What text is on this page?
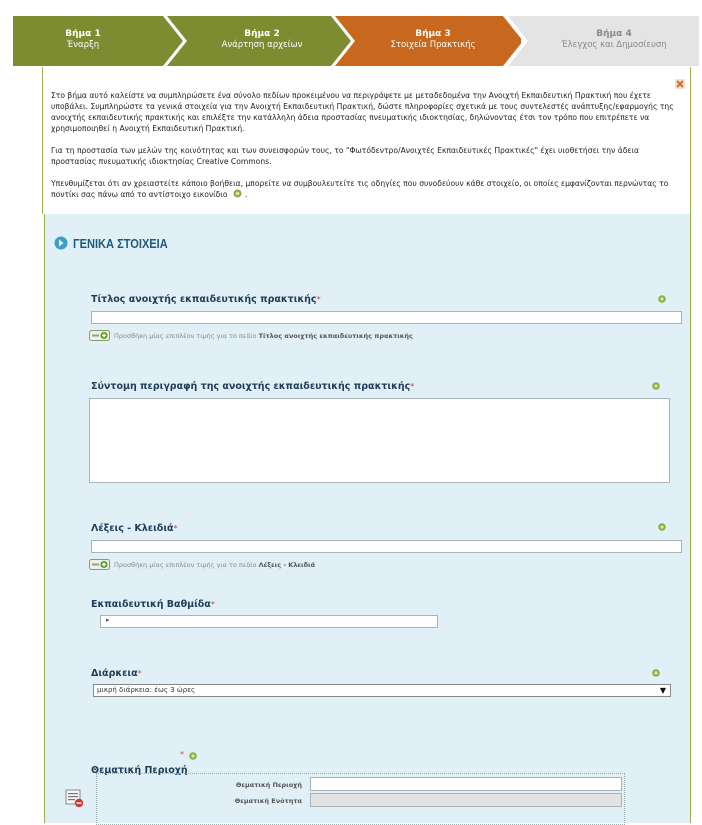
Βήμα 1
Έναρξη
Βήμα 2
Ανάρτηση αρχείων
Βήμα 3
Στοιχεία Πρακτικής
Βήμα 4
Έλεγχος και Δημοσίευση

Στο βήμα αυτό καλείστε να συμπληρώσετε ένα σύνολο πεδίων προκειμένου να περιγράψετε με μεταδεδομένα την Ανοιχτή Εκπαιδευτική Πρακτική που έχετε υποβάλει. Συμπληρώστε τα γενικά στοιχεία για την Ανοιχτή Εκπαιδευτική Πρακτική, δώστε πληροφορίες σχετικά με τους συντελεστές ανάπτυξης/εφαρμογής της ανοιχτής εκπαιδευτικής πρακτικής και επιλέξτε την κατάλληλη άδεια προστασίας πνευματικής ιδιοκτησίας, δηλώνοντας έτσι τον τρόπο που επιτρέπετε να χρησιμοποιηθεί η Ανοιχτή Εκπαιδευτική Πρακτική.

Για τη προστασία των μελών της κοινότητας και των συνεισφορών τους, το "Φωτόδεντρο/Ανοιχτές Εκπαιδευτικές Πρακτικές" έχει υιοθετήσει την άδεια προστασίας πνευματικής ιδιοκτησίας Creative Commons.

Υπενθυμίζεται ότι αν χρειαστείτε κάποιο βοήθεια, μπορείτε να συμβουλευτείτε τις οδηγίες που συνοδεύουν κάθε στοιχείο, οι οποίες εμφανίζονται περνώντας το ποντίκι σας πάνω από το αντίστοιχο εικονίδιο .

ΓΕΝΙΚΑ ΣΤΟΙΧΕΙΑ
Τίτλος ανοιχτής εκπαιδευτικής πρακτικής*
Προσθήκη μίας επιπλέον τιμής για το πεδίο Τίτλος ανοιχτής εκπαιδευτικής πρακτικής
Σύντομη περιγραφή της ανοιχτής εκπαιδευτικής πρακτικής*
Λέξεις - Κλειδιά*
Προσθήκη μίας επιπλέον τιμής για το πεδίο Λέξεις - Κλειδιά
Εκπαιδευτική Βαθμίδα*
▸
Διάρκεια*
μικρή διάρκεια: έως 3 ώρες	▼
*
Θεματική Περιοχή
Θεματική Περιοχή
Θεματική Ενότητα
